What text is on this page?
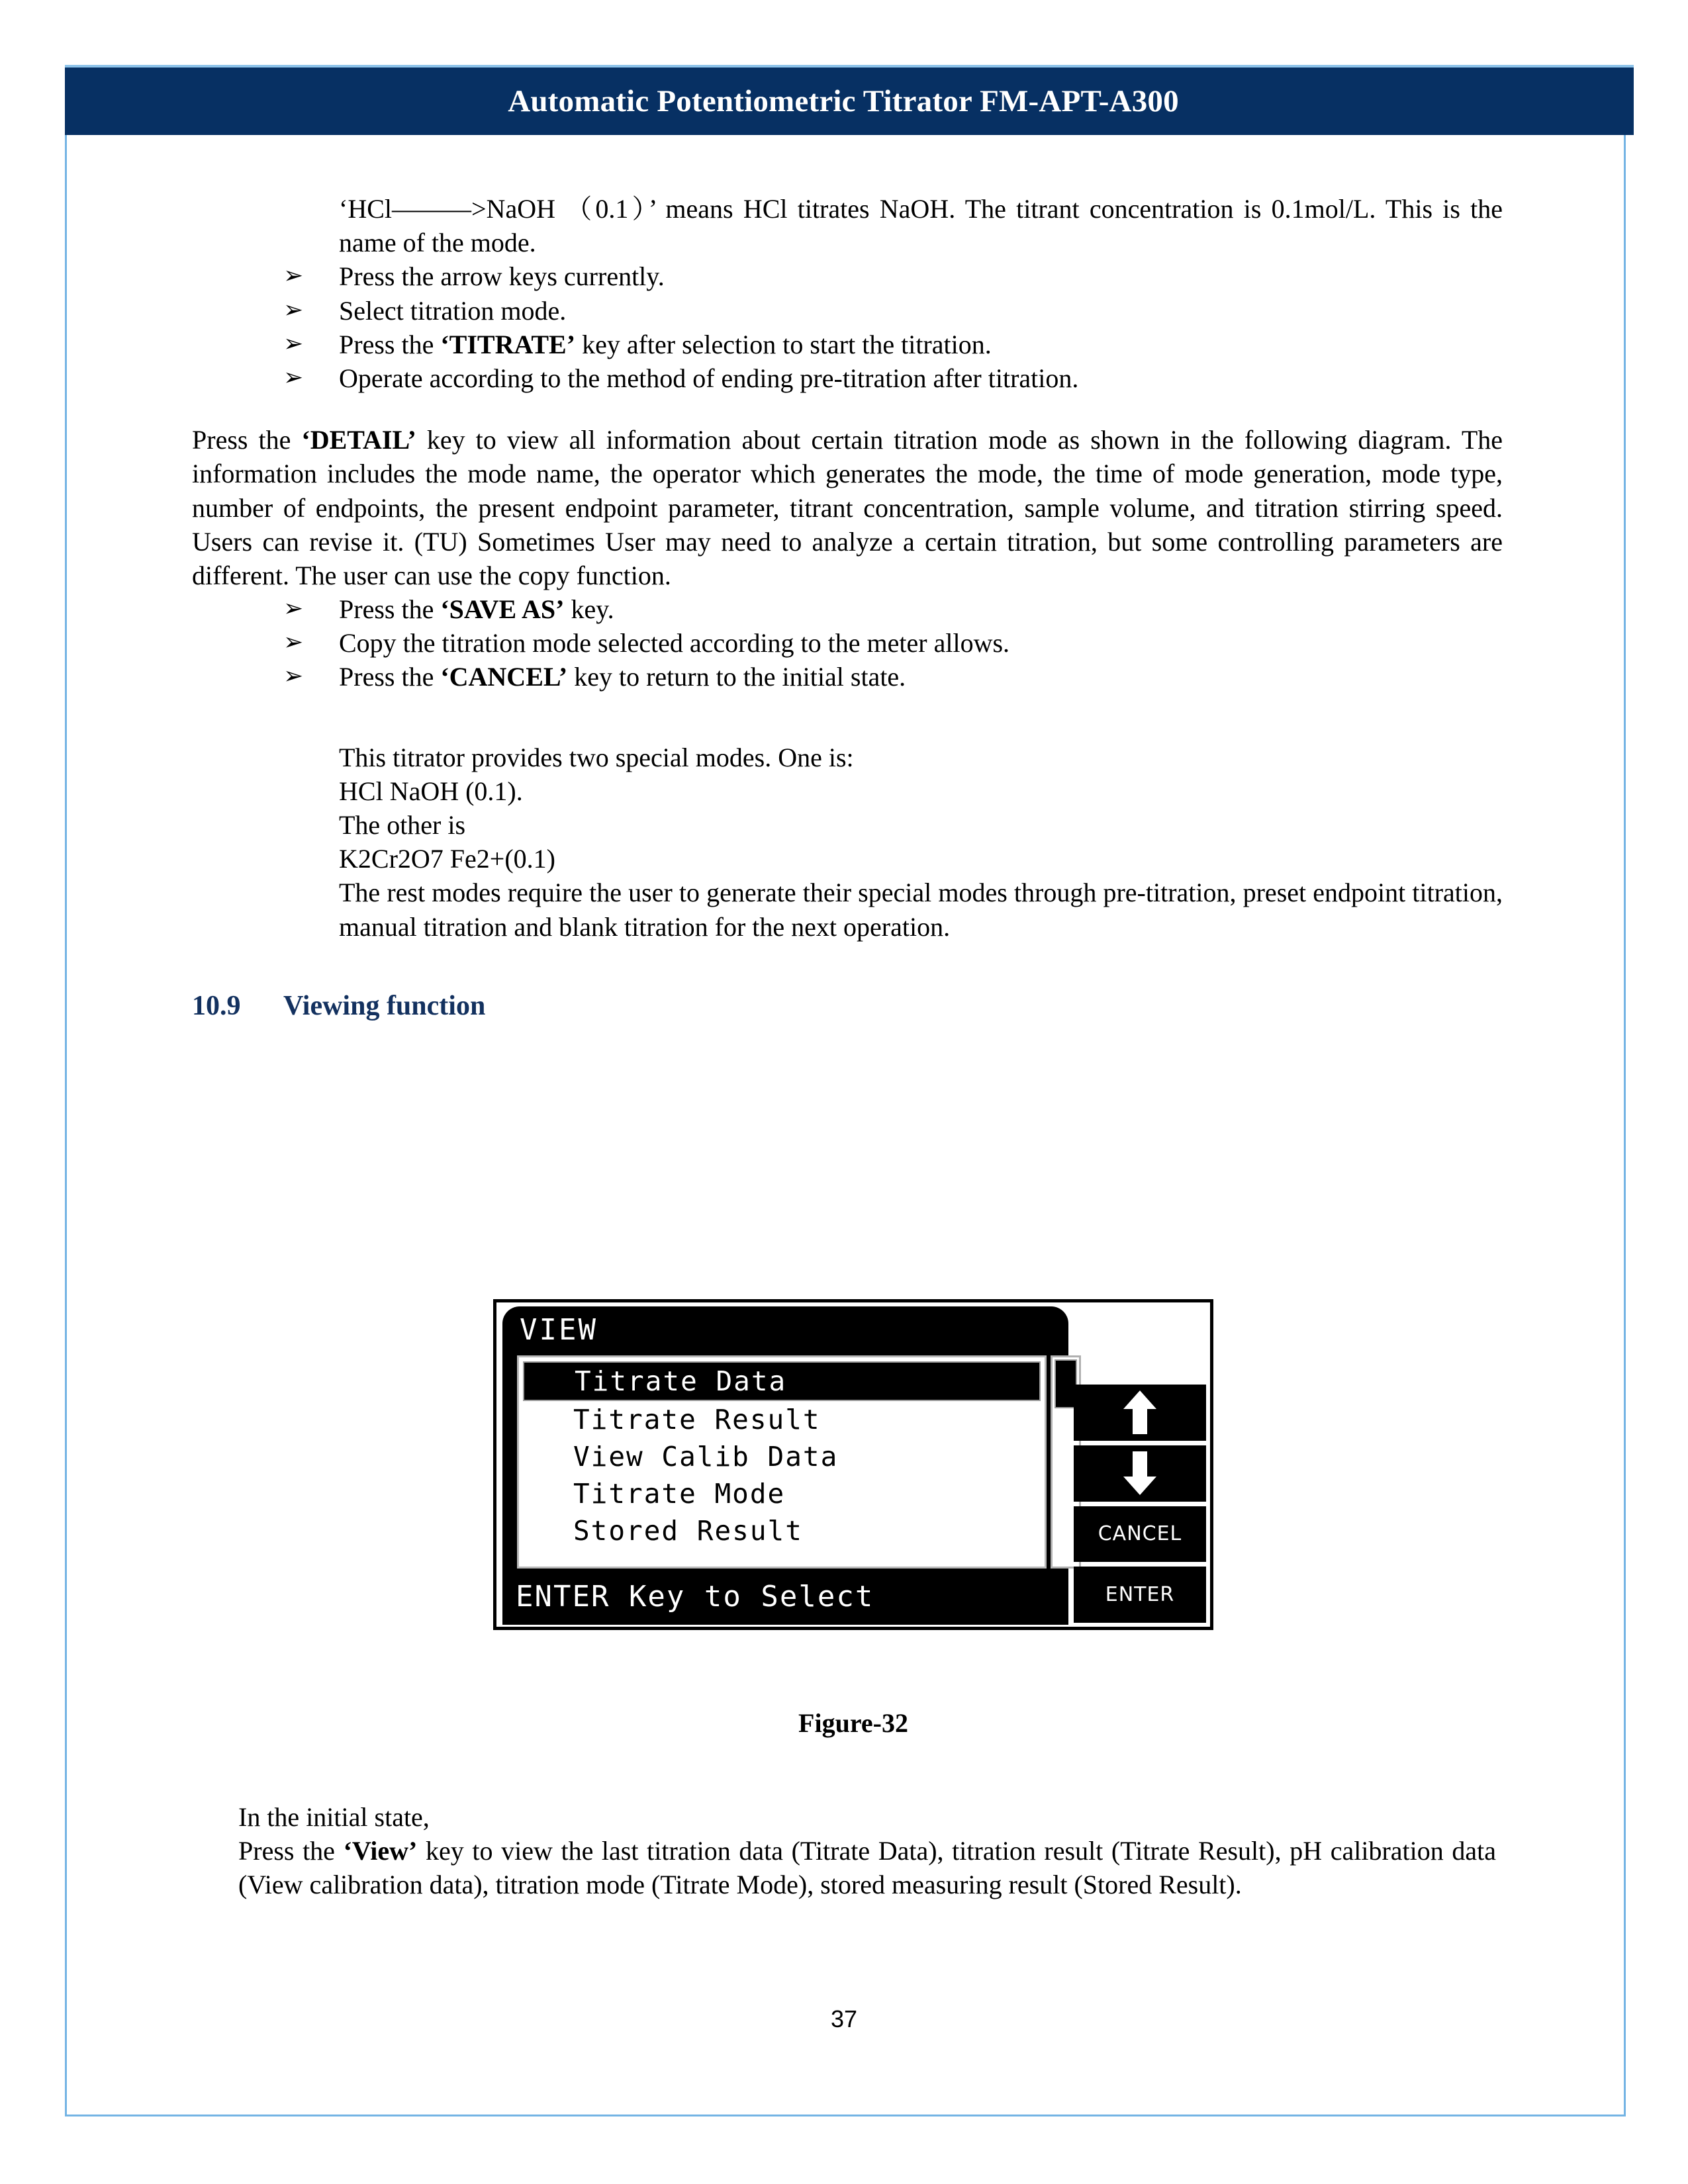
Automatic Potentiometric Titrator FM-APT-A300

‘HCl———>NaOH （0.1）’ means HCl titrates NaOH. The titrant concentration is 0.1mol/L. This is the name of the mode.

➢ Press the arrow keys currently.
➢ Select titration mode.
➢ Press the ‘TITRATE’ key after selection to start the titration.
➢ Operate according to the method of ending pre-titration after titration.

Press the ‘DETAIL’ key to view all information about certain titration mode as shown in the following diagram. The information includes the mode name, the operator which generates the mode, the time of mode generation, mode type, number of endpoints, the present endpoint parameter, titrant concentration, sample volume, and titration stirring speed. Users can revise it. (TU) Sometimes User may need to analyze a certain titration, but some controlling parameters are different. The user can use the copy function.

➢ Press the ‘SAVE AS’ key.
➢ Copy the titration mode selected according to the meter allows.
➢ Press the ‘CANCEL’ key to return to the initial state.

This titrator provides two special modes. One is:

HCl NaOH (0.1).

The other is

K2Cr2O7 Fe2+(0.1)

The rest modes require the user to generate their special modes through pre-titration, preset endpoint titration, manual titration and blank titration for the next operation.

10.9	Viewing function
VIEW
Titrate Data
Titrate Result
View Calib Data
Titrate Mode
Stored Result
ENTER Key to Select
CANCEL
ENTER
Figure-32

In the initial state,

Press the ‘View’ key to view the last titration data (Titrate Data), titration result (Titrate Result), pH calibration data (View calibration data), titration mode (Titrate Mode), stored measuring result (Stored Result).

37
